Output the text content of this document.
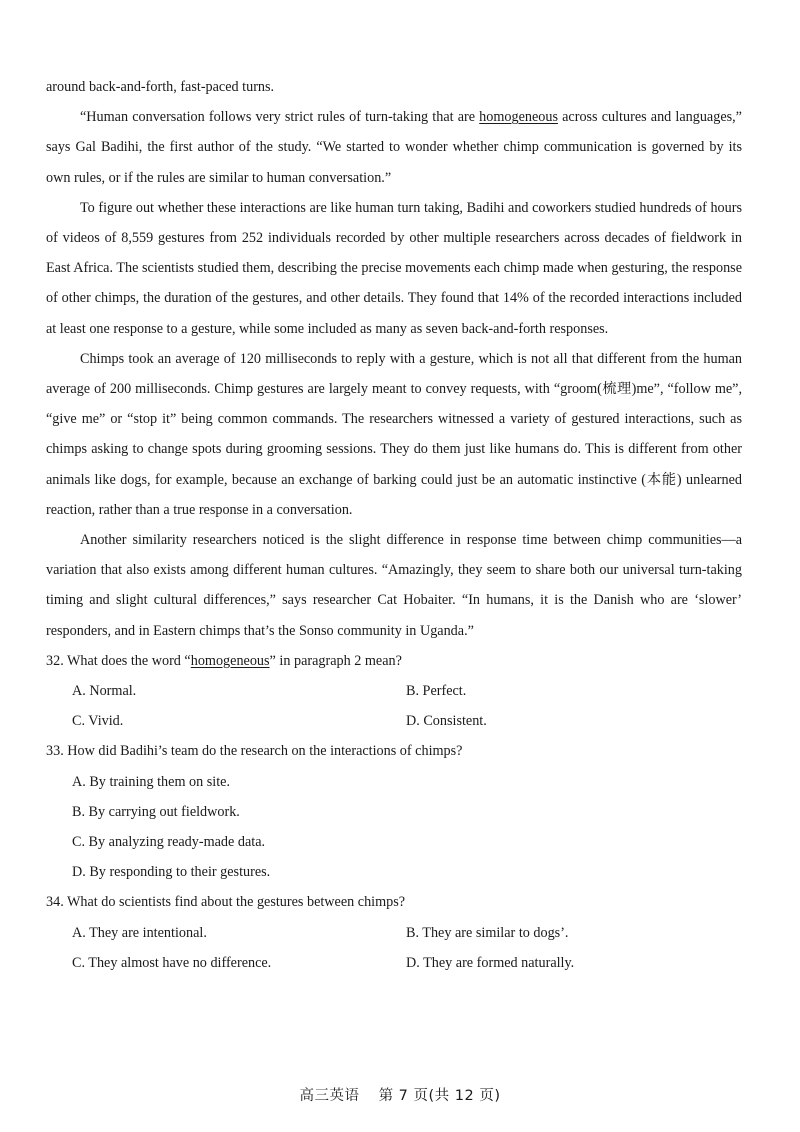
around back-and-forth, fast-paced turns.

“Human conversation follows very strict rules of turn-taking that are homogeneous across cultures and languages,” says Gal Badihi, the first author of the study. “We started to wonder whether chimp communication is governed by its own rules, or if the rules are similar to human conversation.”

To figure out whether these interactions are like human turn taking, Badihi and coworkers studied hundreds of hours of videos of 8,559 gestures from 252 individuals recorded by other multiple researchers across decades of fieldwork in East Africa. The scientists studied them, describing the precise movements each chimp made when gesturing, the response of other chimps, the duration of the gestures, and other details. They found that 14% of the recorded interactions included at least one response to a gesture, while some included as many as seven back-and-forth responses.

Chimps took an average of 120 milliseconds to reply with a gesture, which is not all that different from the human average of 200 milliseconds. Chimp gestures are largely meant to convey requests, with “groom(梳理)me”, “follow me”, “give me” or “stop it” being common commands. The researchers witnessed a variety of gestured interactions, such as chimps asking to change spots during grooming sessions. They do them just like humans do. This is different from other animals like dogs, for example, because an exchange of barking could just be an automatic instinctive (本能) unlearned reaction, rather than a true response in a conversation.

Another similarity researchers noticed is the slight difference in response time between chimp communities—a variation that also exists among different human cultures. “Amazingly, they seem to share both our universal turn-taking timing and slight cultural differences,” says researcher Cat Hobaiter. “In humans, it is the Danish who are ‘slower’ responders, and in Eastern chimps that’s the Sonso community in Uganda.”

32. What does the word “homogeneous” in paragraph 2 mean?

A. Normal.	B. Perfect.
C. Vivid.	D. Consistent.

33. How did Badihi’s team do the research on the interactions of chimps?

A. By training them on site.
B. By carrying out fieldwork.
C. By analyzing ready-made data.
D. By responding to their gestures.

34. What do scientists find about the gestures between chimps?

A. They are intentional.	B. They are similar to dogs’.
C. They almost have no difference.	D. They are formed naturally.
高三英语 第 7 页(共 12 页)
